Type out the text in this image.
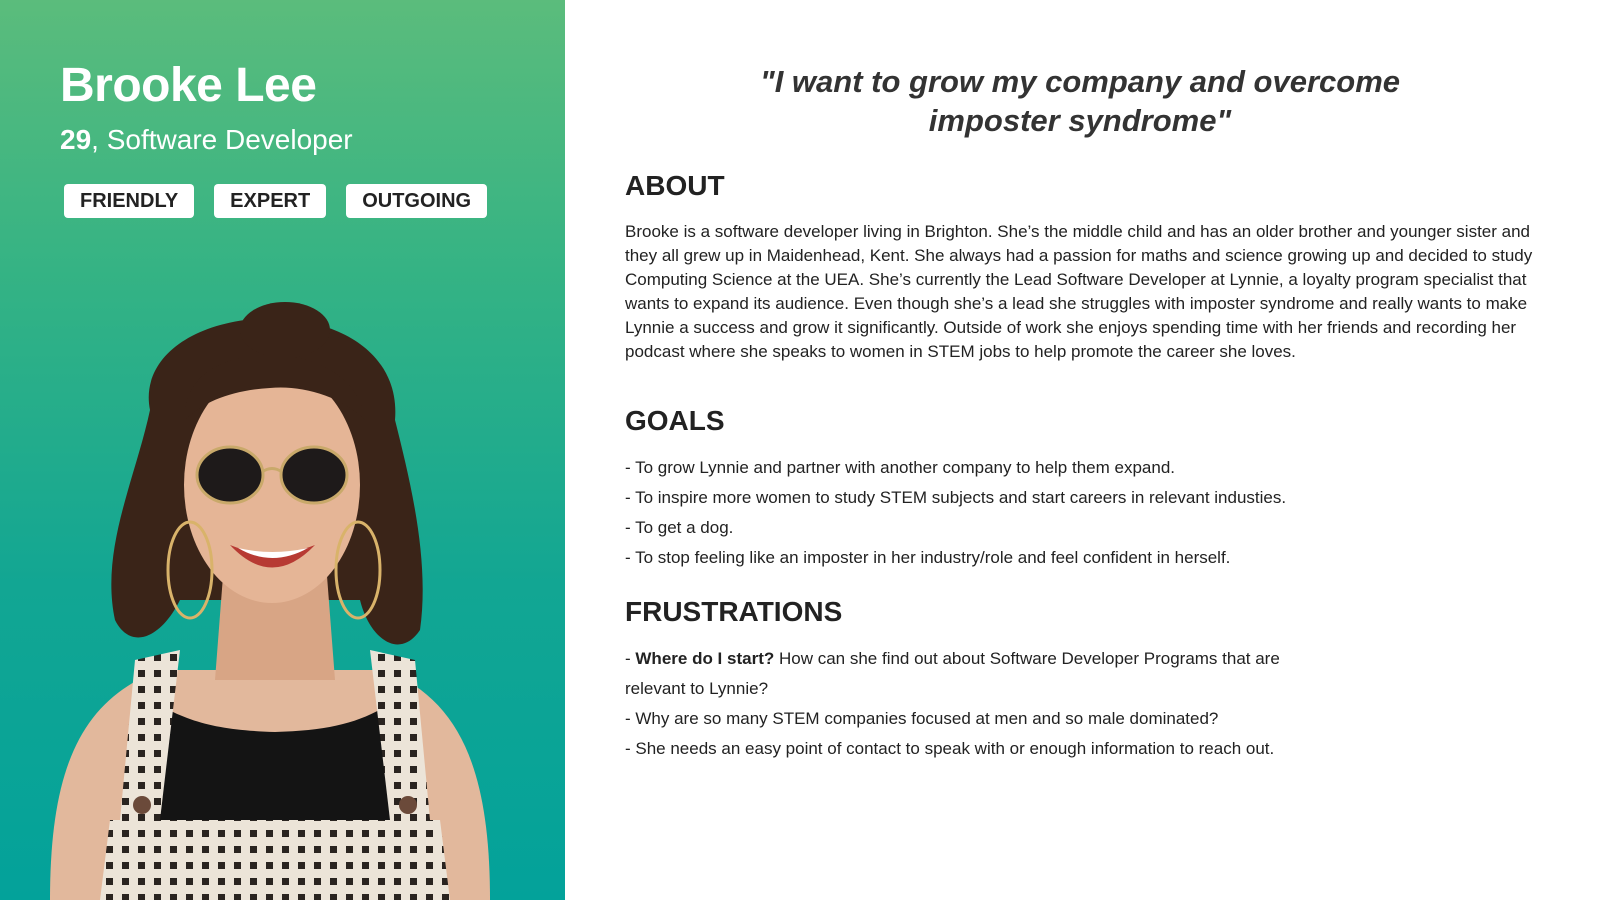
Brooke Lee
29, Software Developer
FRIENDLY	EXPERT	OUTGOING

"I want to grow my company and overcome imposter syndrome"

ABOUT

Brooke is a software developer living in Brighton. She’s the middle child and has an older brother and younger sister and they all grew up in Maidenhead, Kent. She always had a passion for maths and science growing up and decided to study Computing Science at the UEA. She’s currently the Lead Software Developer at Lynnie, a loyalty program specialist that wants to expand its audience. Even though she’s a lead she struggles with imposter syndrome and really wants to make Lynnie a success and grow it significantly. Outside of work she enjoys spending time with her friends and recording her podcast where she speaks to women in STEM jobs to help promote the career she loves.

GOALS
- To grow Lynnie and partner with another company to help them expand.
- To inspire more women to study STEM subjects and start careers in relevant industies.
- To get a dog.
- To stop feeling like an imposter in her industry/role and feel confident in herself.
FRUSTRATIONS
- Where do I start? How can she find out about Software Developer Programs that are relevant to Lynnie?
- Why are so many STEM companies focused at men and so male dominated?
- She needs an easy point of contact to speak with or enough information to reach out.
